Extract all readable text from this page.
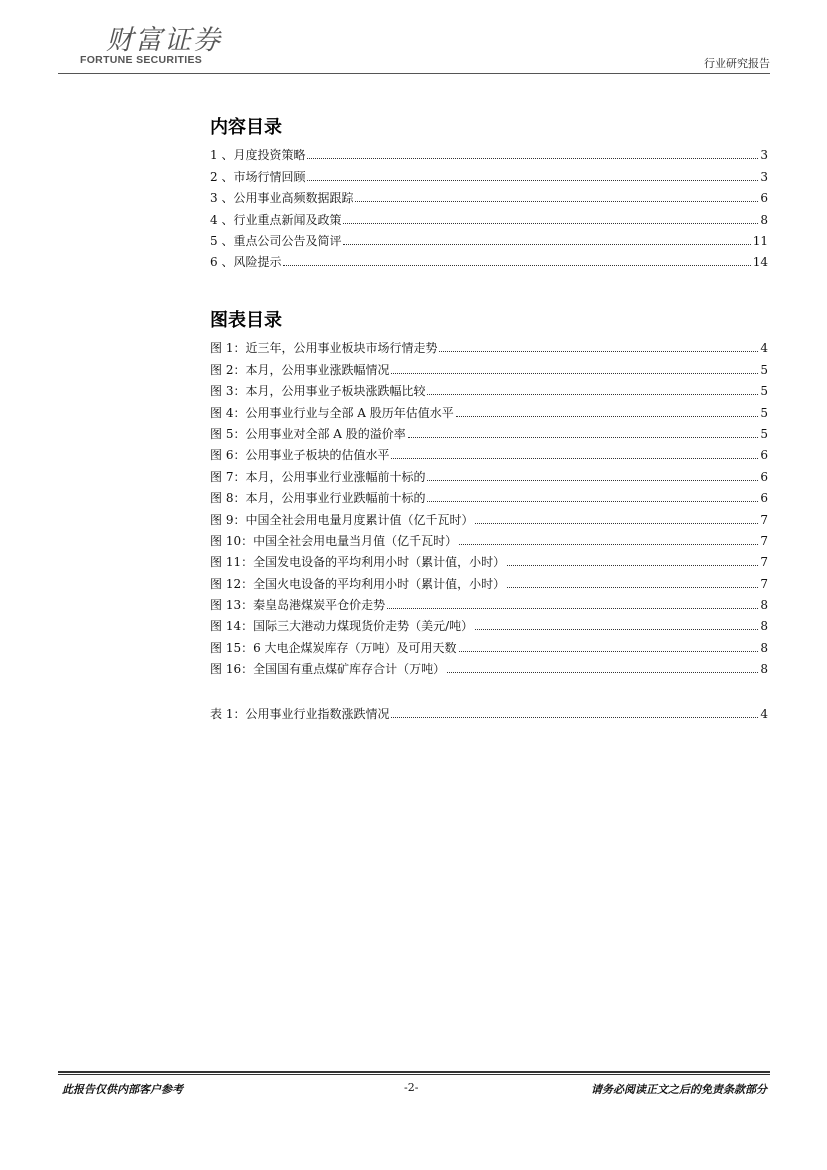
财富证券
FORTUNE SECURITIES	行业研究报告
内容目录
1 、月度投资策略	3
2 、市场行情回顾	3
3 、公用事业高频数据跟踪	6
4 、行业重点新闻及政策	8
5 、重点公司公告及简评	11
6 、风险提示	14
图表目录
图 1：近三年，公用事业板块市场行情走势	4
图 2：本月，公用事业涨跌幅情况	5
图 3：本月，公用事业子板块涨跌幅比较	5
图 4：公用事业行业与全部 A 股历年估值水平	5
图 5：公用事业对全部 A 股的溢价率	5
图 6：公用事业子板块的估值水平	6
图 7：本月，公用事业行业涨幅前十标的	6
图 8：本月，公用事业行业跌幅前十标的	6
图 9：中国全社会用电量月度累计值（亿千瓦时）	7
图 10：中国全社会用电量当月值（亿千瓦时）	7
图 11：全国发电设备的平均利用小时（累计值，小时）	7
图 12：全国火电设备的平均利用小时（累计值，小时）	7
图 13：秦皇岛港煤炭平仓价走势	8
图 14：国际三大港动力煤现货价走势（美元/吨）	8
图 15：6 大电企煤炭库存（万吨）及可用天数	8
图 16：全国国有重点煤矿库存合计（万吨）	8
表 1：公用事业行业指数涨跌情况	4
此报告仅供内部客户参考	-2-	请务必阅读正文之后的免责条款部分
